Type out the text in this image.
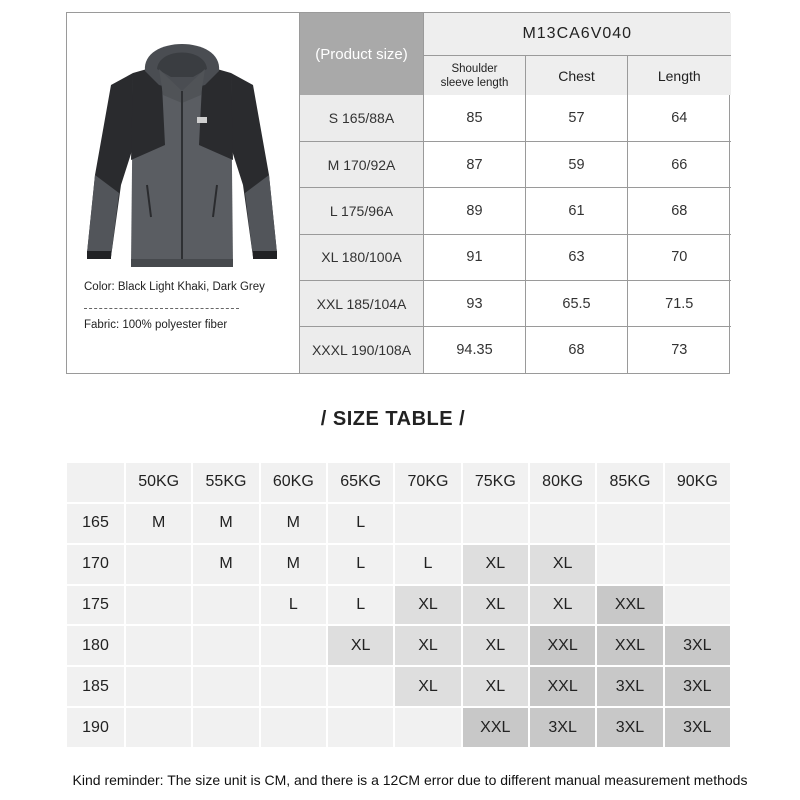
Color: Black Light Khaki, Dark Grey
Fabric: 100% polyester fiber
(Product size)	M13CA6V040		
	Shoulder
sleeve length	Chest	Length
S 165/88A	85	57	64
M 170/92A	87	59	66
L 175/96A	89	61	68
XL 180/100A	91	63	70
XXL 185/104A	93	65.5	71.5
XXXL 190/108A	94.35	68	73
/ SIZE TABLE /
	50KG	55KG	60KG	65KG	70KG	75KG	80KG	85KG	90KG
165	M	M	M	L					
170		M	M	L	L	XL	XL		
175			L	L	XL	XL	XL	XXL	
180				XL	XL	XL	XXL	XXL	3XL
185					XL	XL	XXL	3XL	3XL
190						XXL	3XL	3XL	3XL
Kind reminder: The size unit is CM, and there is a 12CM error due to different manual measurement methods
